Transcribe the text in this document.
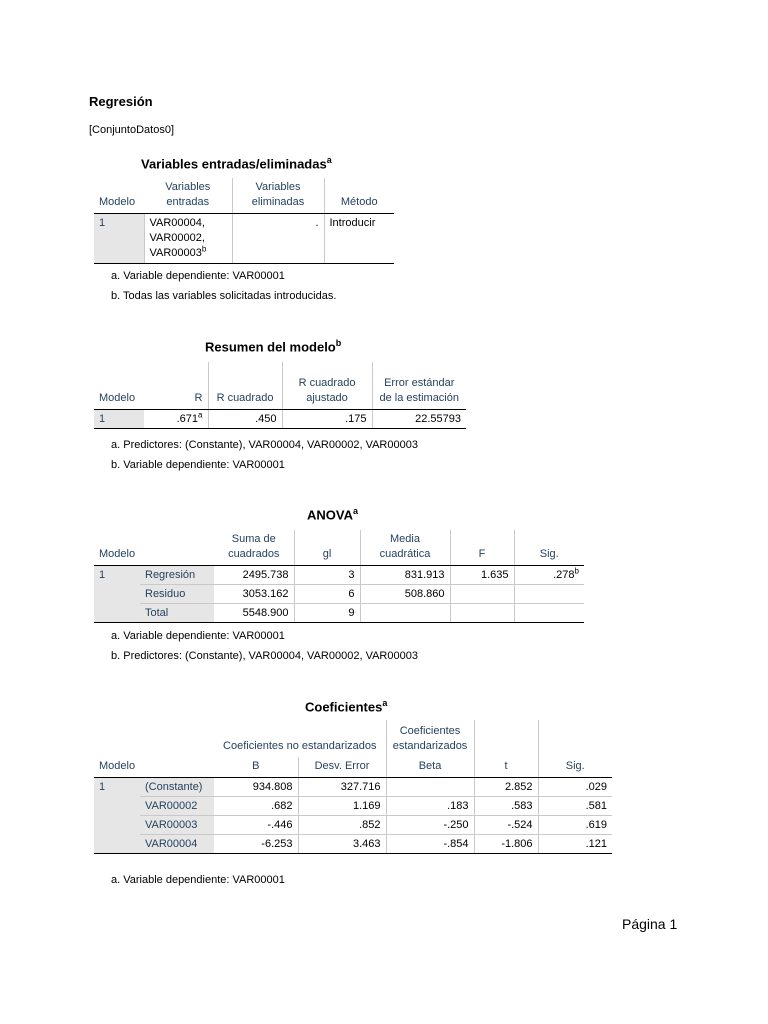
Regresión
[ConjuntoDatos0]
Variables entradas/eliminadas$^a$
Modelo	Variables entradas	Variables eliminadas	Método
1	VAR00004, VAR00002, VAR00003$^b$	.	Introducir
a. Variable dependiente: VAR00001
b. Todas las variables solicitadas introducidas.
Resumen del modelo$^b$
Modelo	R	R cuadrado	R cuadrado ajustado	Error estándar de la estimación
1	.671$^a$	.450	.175	22.55793
a. Predictores: (Constante), VAR00004, VAR00002, VAR00003
b. Variable dependiente: VAR00001
ANOVA$^a$
Modelo		Suma de cuadrados	gl	Media cuadrática	F	Sig.
1	Regresión	2495.738	3	831.913	1.635	.278$^b$
	Residuo	3053.162	6	508.860		
	Total	5548.900	9			
a. Variable dependiente: VAR00001
b. Predictores: (Constante), VAR00004, VAR00002, VAR00003
Coeficientes$^a$
Modelo		Coeficientes no estandarizados		Coeficientes estandarizados	t	Sig.
		B	Desv. Error	Beta		
1	(Constante)	934.808	327.716		2.852	.029
	VAR00002	.682	1.169	.183	.583	.581
	VAR00003	-.446	.852	-.250	-.524	.619
	VAR00004	-6.253	3.463	-.854	-1.806	.121
a. Variable dependiente: VAR00001
Página 1
